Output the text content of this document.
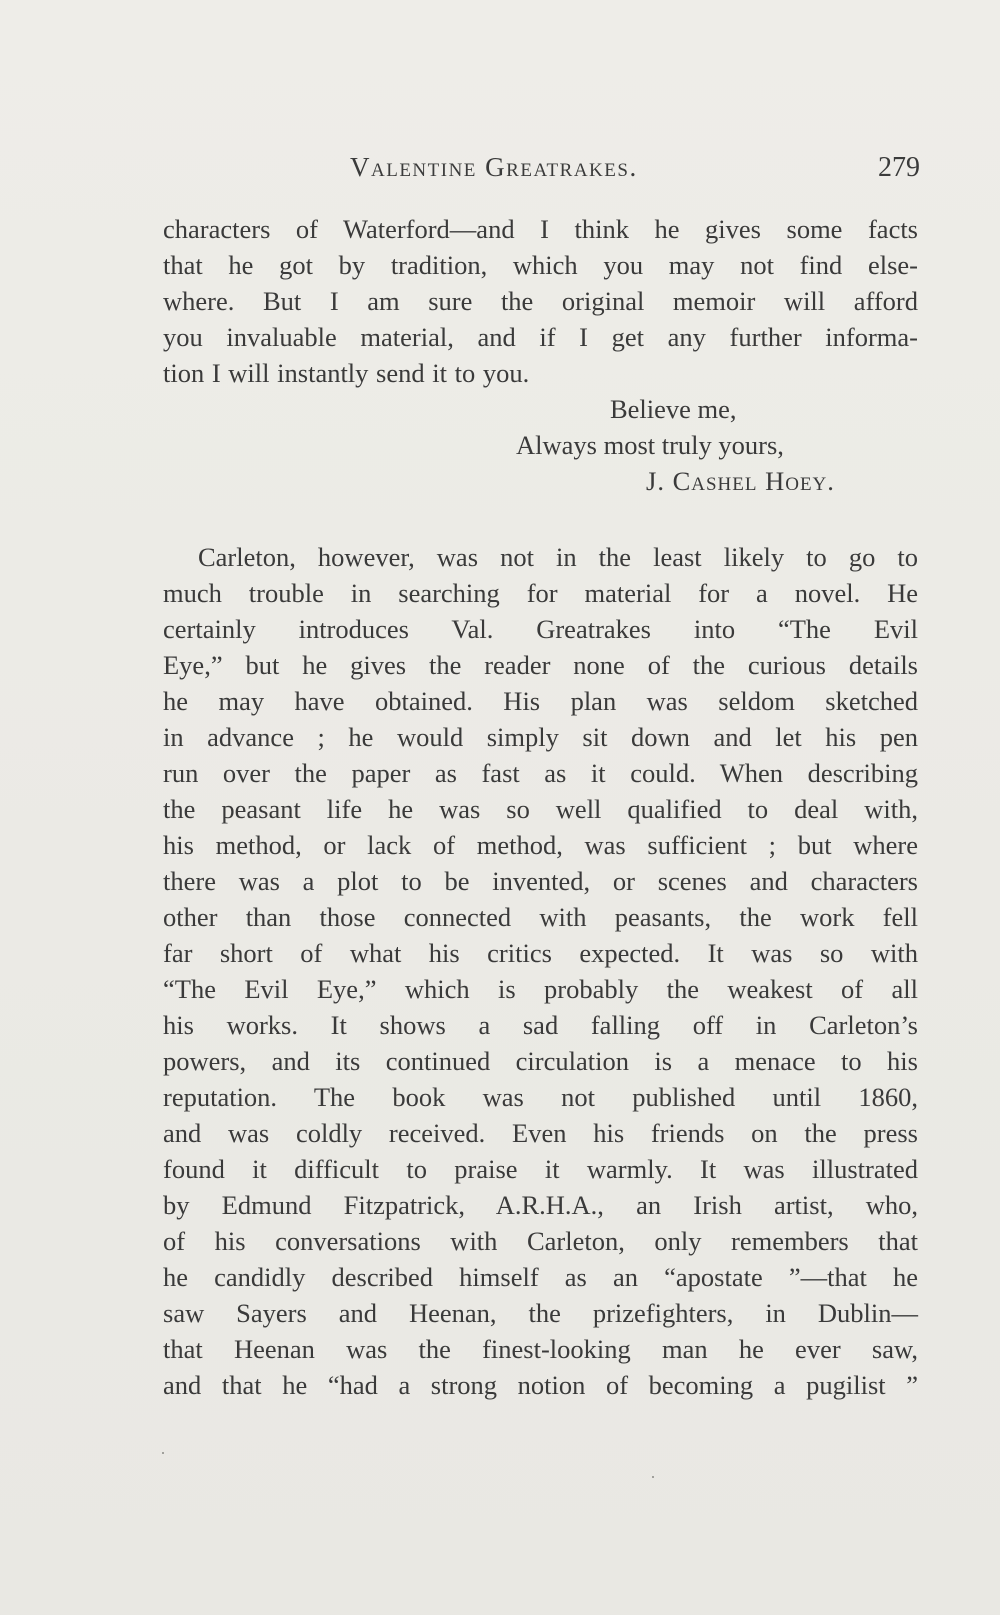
Valentine Greatrakes.	279
characters of Waterford—and I think he gives some facts
that he got by tradition, which you may not find else-
where. But I am sure the original memoir will afford
you invaluable material, and if I get any further informa-
tion I will instantly send it to you.
Believe me,
Always most truly yours,
J. Cashel Hoey.
Carleton, however, was not in the least likely to go to
much trouble in searching for material for a novel. He
certainly introduces Val. Greatrakes into “The Evil
Eye,” but he gives the reader none of the curious details
he may have obtained. His plan was seldom sketched
in advance ; he would simply sit down and let his pen
run over the paper as fast as it could. When describing
the peasant life he was so well qualified to deal with,
his method, or lack of method, was sufficient ; but where
there was a plot to be invented, or scenes and characters
other than those connected with peasants, the work fell
far short of what his critics expected. It was so with
“The Evil Eye,” which is probably the weakest of all
his works. It shows a sad falling off in Carleton’s
powers, and its continued circulation is a menace to his
reputation. The book was not published until 1860,
and was coldly received. Even his friends on the press
found it difficult to praise it warmly. It was illustrated
by Edmund Fitzpatrick, A.R.H.A., an Irish artist, who,
of his conversations with Carleton, only remembers that
he candidly described himself as an “apostate ”—that he
saw Sayers and Heenan, the prizefighters, in Dublin—
that Heenan was the finest-looking man he ever saw,
and that he “had a strong notion of becoming a pugilist ”
